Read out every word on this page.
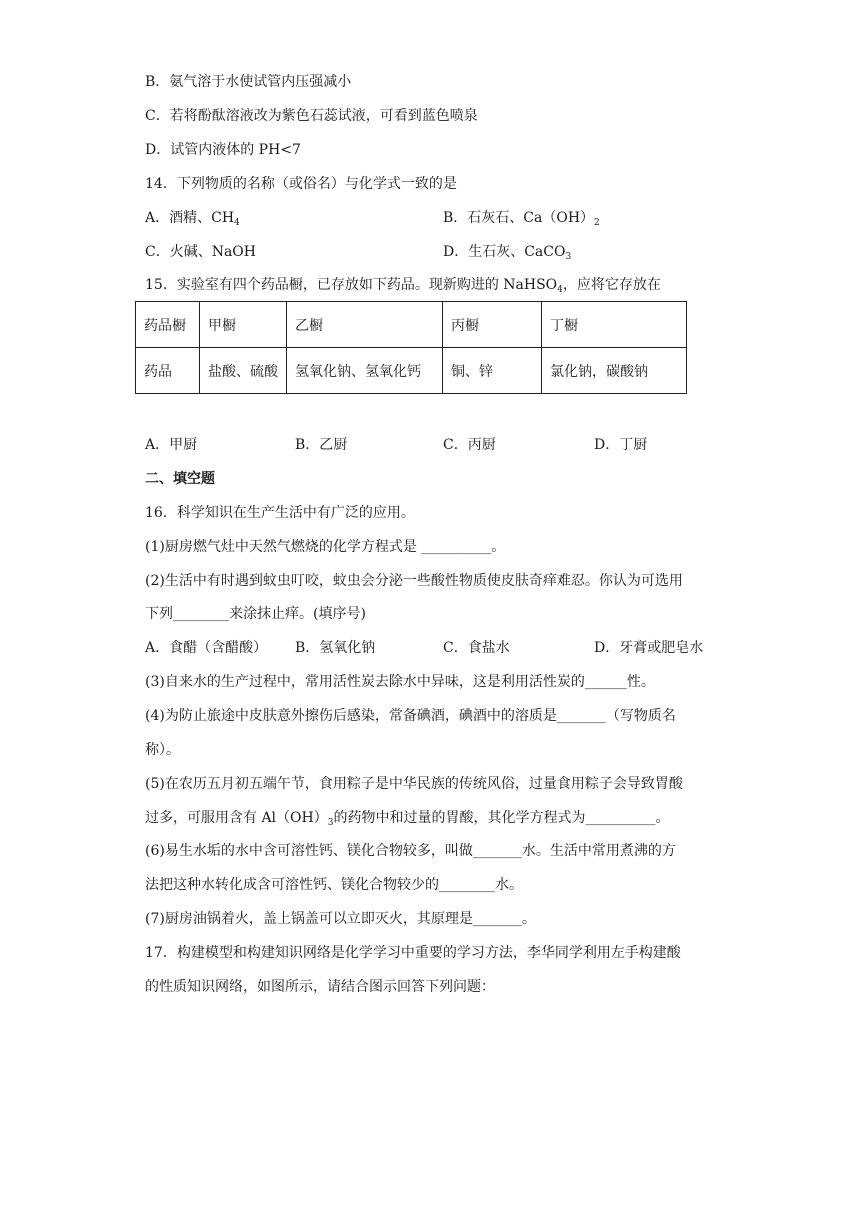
B．氨气溶于水使试管内压强减小
C．若将酚酞溶液改为紫色石蕊试液，可看到蓝色喷泉
D．试管内液体的 PH<7
14．下列物质的名称（或俗名）与化学式一致的是
A．酒精、$CH_4$	B．石灰石、$Ca(OH)_2$
C．火碱、NaOH	D．生石灰、CaCO$_3$
15．实验室有四个药品橱，已存放如下药品。现新购进的 NaHSO$_4$，应将它存放在
药品橱	甲橱	乙橱	丙橱	丁橱
药品	盐酸、硫酸	氢氧化钠、氢氧化钙	铜、锌	氯化钠，碳酸钠
A．甲厨	B．乙厨	C．丙厨	D．丁厨
二、填空题
16．科学知识在生产生活中有广泛的应用。
(1)厨房燃气灶中天然气燃烧的化学方程式是 __________。
(2)生活中有时遇到蚊虫叮咬，蚊虫会分泌一些酸性物质使皮肤奇痒难忍。你认为可选用
下列________来涂抹止痒。(填序号)
A．食醋（含醋酸） B．氢氧化钠	C．食盐水	D．牙膏或肥皂水
(3)自来水的生产过程中，常用活性炭去除水中异味，这是利用活性炭的______性。
(4)为防止旅途中皮肤意外擦伤后感染，常备碘酒，碘酒中的溶质是_______（写物质名
称）。
(5)在农历五月初五端午节，食用粽子是中华民族的传统风俗，过量食用粽子会导致胃酸
过多，可服用含有 $Al(OH)_3$的药物中和过量的胃酸，其化学方程式为__________。
(6)易生水垢的水中含可溶性钙、镁化合物较多，叫做_______水。生活中常用煮沸的方
法把这种水转化成含可溶性钙、镁化合物较少的________水。
(7)厨房油锅着火，盖上锅盖可以立即灭火，其原理是_______。
17．构建模型和构建知识网络是化学学习中重要的学习方法，李华同学利用左手构建酸
的性质知识网络，如图所示，请结合图示回答下列问题：
